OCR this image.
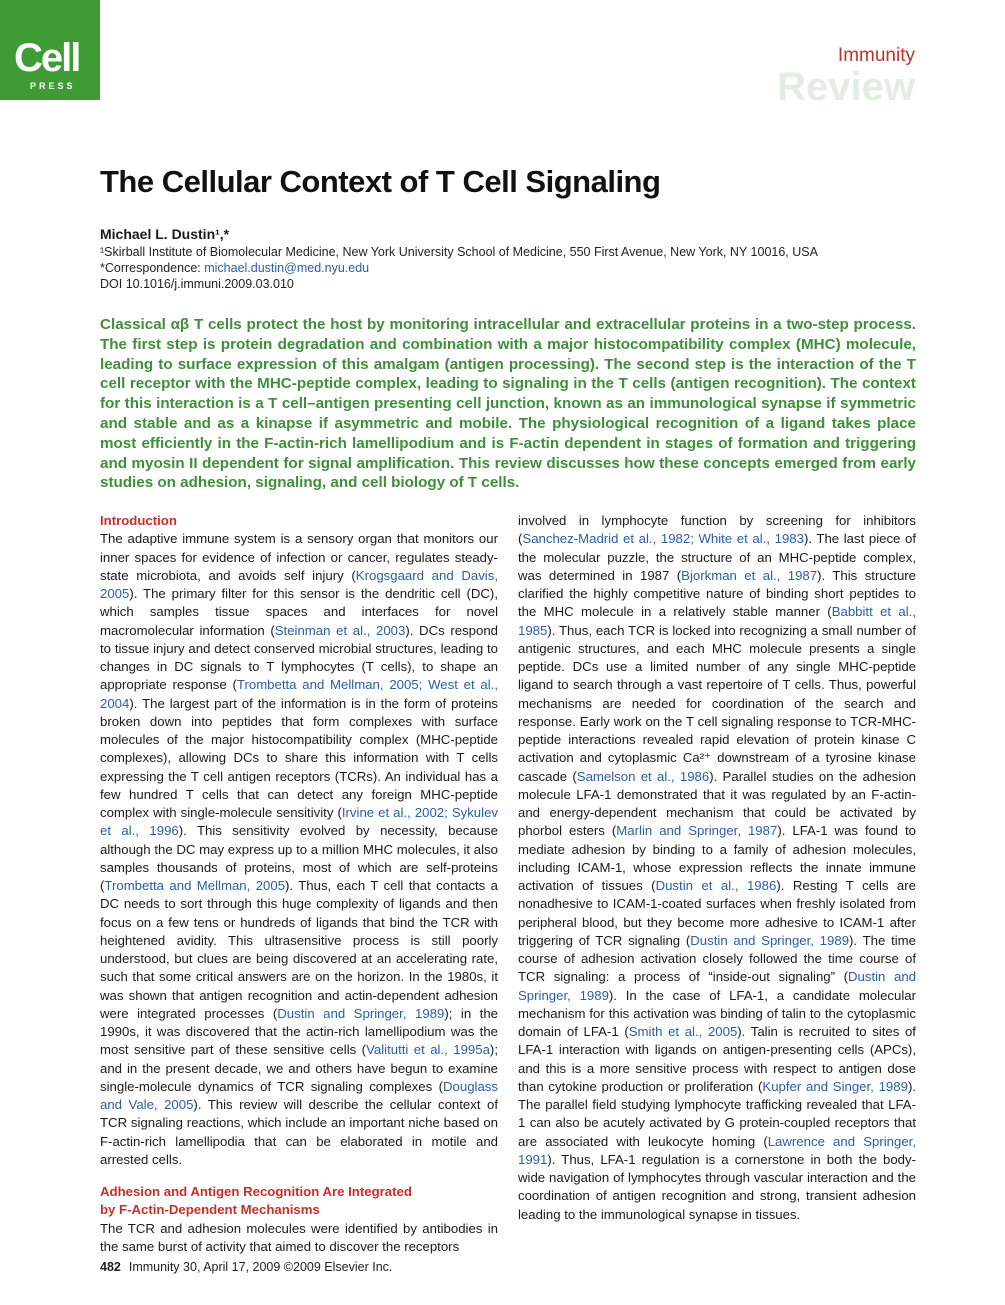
Cell
PRESS
Immunity
Review
The Cellular Context of T Cell Signaling
Michael L. Dustin¹,*
¹Skirball Institute of Biomolecular Medicine, New York University School of Medicine, 550 First Avenue, New York, NY 10016, USA
*Correspondence: michael.dustin@med.nyu.edu
DOI 10.1016/j.immuni.2009.03.010
Classical αβ T cells protect the host by monitoring intracellular and extracellular proteins in a two-step process. The first step is protein degradation and combination with a major histocompatibility complex (MHC) molecule, leading to surface expression of this amalgam (antigen processing). The second step is the interaction of the T cell receptor with the MHC-peptide complex, leading to signaling in the T cells (antigen recognition). The context for this interaction is a T cell–antigen presenting cell junction, known as an immunological synapse if symmetric and stable and as a kinapse if asymmetric and mobile. The physiological recognition of a ligand takes place most efficiently in the F-actin-rich lamellipodium and is F-actin dependent in stages of formation and triggering and myosin II dependent for signal amplification. This review discusses how these concepts emerged from early studies on adhesion, signaling, and cell biology of T cells.
Introduction

The adaptive immune system is a sensory organ that monitors our inner spaces for evidence of infection or cancer, regulates steady-state microbiota, and avoids self injury (Krogsgaard and Davis, 2005). The primary filter for this sensor is the dendritic cell (DC), which samples tissue spaces and interfaces for novel macromolecular information (Steinman et al., 2003). DCs respond to tissue injury and detect conserved microbial structures, leading to changes in DC signals to T lymphocytes (T cells), to shape an appropriate response (Trombetta and Mellman, 2005; West et al., 2004). The largest part of the information is in the form of proteins broken down into peptides that form complexes with surface molecules of the major histocompatibility complex (MHC-peptide complexes), allowing DCs to share this information with T cells expressing the T cell antigen receptors (TCRs). An individual has a few hundred T cells that can detect any foreign MHC-peptide complex with single-molecule sensitivity (Irvine et al., 2002; Sykulev et al., 1996). This sensitivity evolved by necessity, because although the DC may express up to a million MHC molecules, it also samples thousands of proteins, most of which are self-proteins (Trombetta and Mellman, 2005). Thus, each T cell that contacts a DC needs to sort through this huge complexity of ligands and then focus on a few tens or hundreds of ligands that bind the TCR with heightened avidity. This ultrasensitive process is still poorly understood, but clues are being discovered at an accelerating rate, such that some critical answers are on the horizon. In the 1980s, it was shown that antigen recognition and actin-dependent adhesion were integrated processes (Dustin and Springer, 1989); in the 1990s, it was discovered that the actin-rich lamellipodium was the most sensitive part of these sensitive cells (Valitutti et al., 1995a); and in the present decade, we and others have begun to examine single-molecule dynamics of TCR signaling complexes (Douglass and Vale, 2005). This review will describe the cellular context of TCR signaling reactions, which include an important niche based on F-actin-rich lamellipodia that can be elaborated in motile and arrested cells.

Adhesion and Antigen Recognition Are Integrated
by F-Actin-Dependent Mechanisms

The TCR and adhesion molecules were identified by antibodies in the same burst of activity that aimed to discover the receptors

involved in lymphocyte function by screening for inhibitors (Sanchez-Madrid et al., 1982; White et al., 1983). The last piece of the molecular puzzle, the structure of an MHC-peptide complex, was determined in 1987 (Bjorkman et al., 1987). This structure clarified the highly competitive nature of binding short peptides to the MHC molecule in a relatively stable manner (Babbitt et al., 1985). Thus, each TCR is locked into recognizing a small number of antigenic structures, and each MHC molecule presents a single peptide. DCs use a limited number of any single MHC-peptide ligand to search through a vast repertoire of T cells. Thus, powerful mechanisms are needed for coordination of the search and response. Early work on the T cell signaling response to TCR-MHC-peptide interactions revealed rapid elevation of protein kinase C activation and cytoplasmic Ca²⁺ downstream of a tyrosine kinase cascade (Samelson et al., 1986). Parallel studies on the adhesion molecule LFA-1 demonstrated that it was regulated by an F-actin- and energy-dependent mechanism that could be activated by phorbol esters (Marlin and Springer, 1987). LFA-1 was found to mediate adhesion by binding to a family of adhesion molecules, including ICAM-1, whose expression reflects the innate immune activation of tissues (Dustin et al., 1986). Resting T cells are nonadhesive to ICAM-1-coated surfaces when freshly isolated from peripheral blood, but they become more adhesive to ICAM-1 after triggering of TCR signaling (Dustin and Springer, 1989). The time course of adhesion activation closely followed the time course of TCR signaling: a process of “inside-out signaling” (Dustin and Springer, 1989). In the case of LFA-1, a candidate molecular mechanism for this activation was binding of talin to the cytoplasmic domain of LFA-1 (Smith et al., 2005). Talin is recruited to sites of LFA-1 interaction with ligands on antigen-presenting cells (APCs), and this is a more sensitive process with respect to antigen dose than cytokine production or proliferation (Kupfer and Singer, 1989). The parallel field studying lymphocyte trafficking revealed that LFA-1 can also be acutely activated by G protein-coupled receptors that are associated with leukocyte homing (Lawrence and Springer, 1991). Thus, LFA-1 regulation is a cornerstone in both the body-wide navigation of lymphocytes through vascular interaction and the coordination of antigen recognition and strong, transient adhesion leading to the immunological synapse in tissues.

482 Immunity 30, April 17, 2009 ©2009 Elsevier Inc.
